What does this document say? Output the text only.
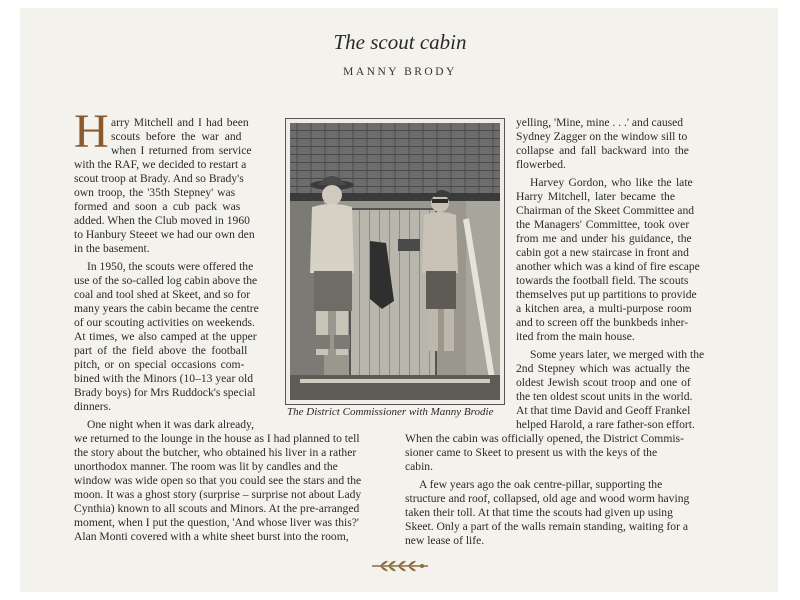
The scout cabin
MANNY BRODY
H arry Mitchell and I had been
scouts before the war and
when I returned from service
with the RAF, we decided to restart a
scout troop at Brady. And so Brady's
own troop, the '35th Stepney' was
formed and soon a cub pack was
added. When the Club moved in 1960
to Hanbury Steeet we had our own den
in the basement.
In 1950, the scouts were offered the
use of the so-called log cabin above the
coal and tool shed at Skeet, and so for
many years the cabin became the centre
of our scouting activities on weekends.
At times, we also camped at the upper
part of the field above the football
pitch, or on special occasions com-
bined with the Minors (10–13 year old
Brady boys) for Mrs Ruddock's special
dinners.
One night when it was dark already,
we returned to the lounge in the house as I had planned to tell
the story about the butcher, who obtained his liver in a rather
unorthodox manner. The room was lit by candles and the
window was wide open so that you could see the stars and the
moon. It was a ghost story (surprise – surprise not about Lady
Cynthia) known to all scouts and Minors. At the pre-arranged
moment, when I put the question, 'And whose liver was this?'
Alan Monti covered with a white sheet burst into the room,
yelling, 'Mine, mine . . .' and caused
Sydney Zagger on the window sill to
collapse and fall backward into the
flowerbed.
Harvey Gordon, who like the late
Harry Mitchell, later became the
Chairman of the Skeet Committee and
the Managers' Committee, took over
from me and under his guidance, the
cabin got a new staircase in front and
another which was a kind of fire escape
towards the football field. The scouts
themselves put up partitions to provide
a kitchen area, a multi-purpose room
and to screen off the bunkbeds inher-
ited from the main house.
Some years later, we merged with the
2nd Stepney which was actually the
oldest Jewish scout troop and one of
the ten oldest scout units in the world.
At that time David and Geoff Frankel
helped Harold, a rare father-son effort.
When the cabin was officially opened, the District Commis-
sioner came to Skeet to present us with the keys of the
cabin.
A few years ago the oak centre-pillar, supporting the
structure and roof, collapsed, old age and wood worm having
taken their toll. At that time the scouts had given up using
Skeet. Only a part of the walls remain standing, waiting for a
new lease of life.
The District Commissioner with Manny Brodie
